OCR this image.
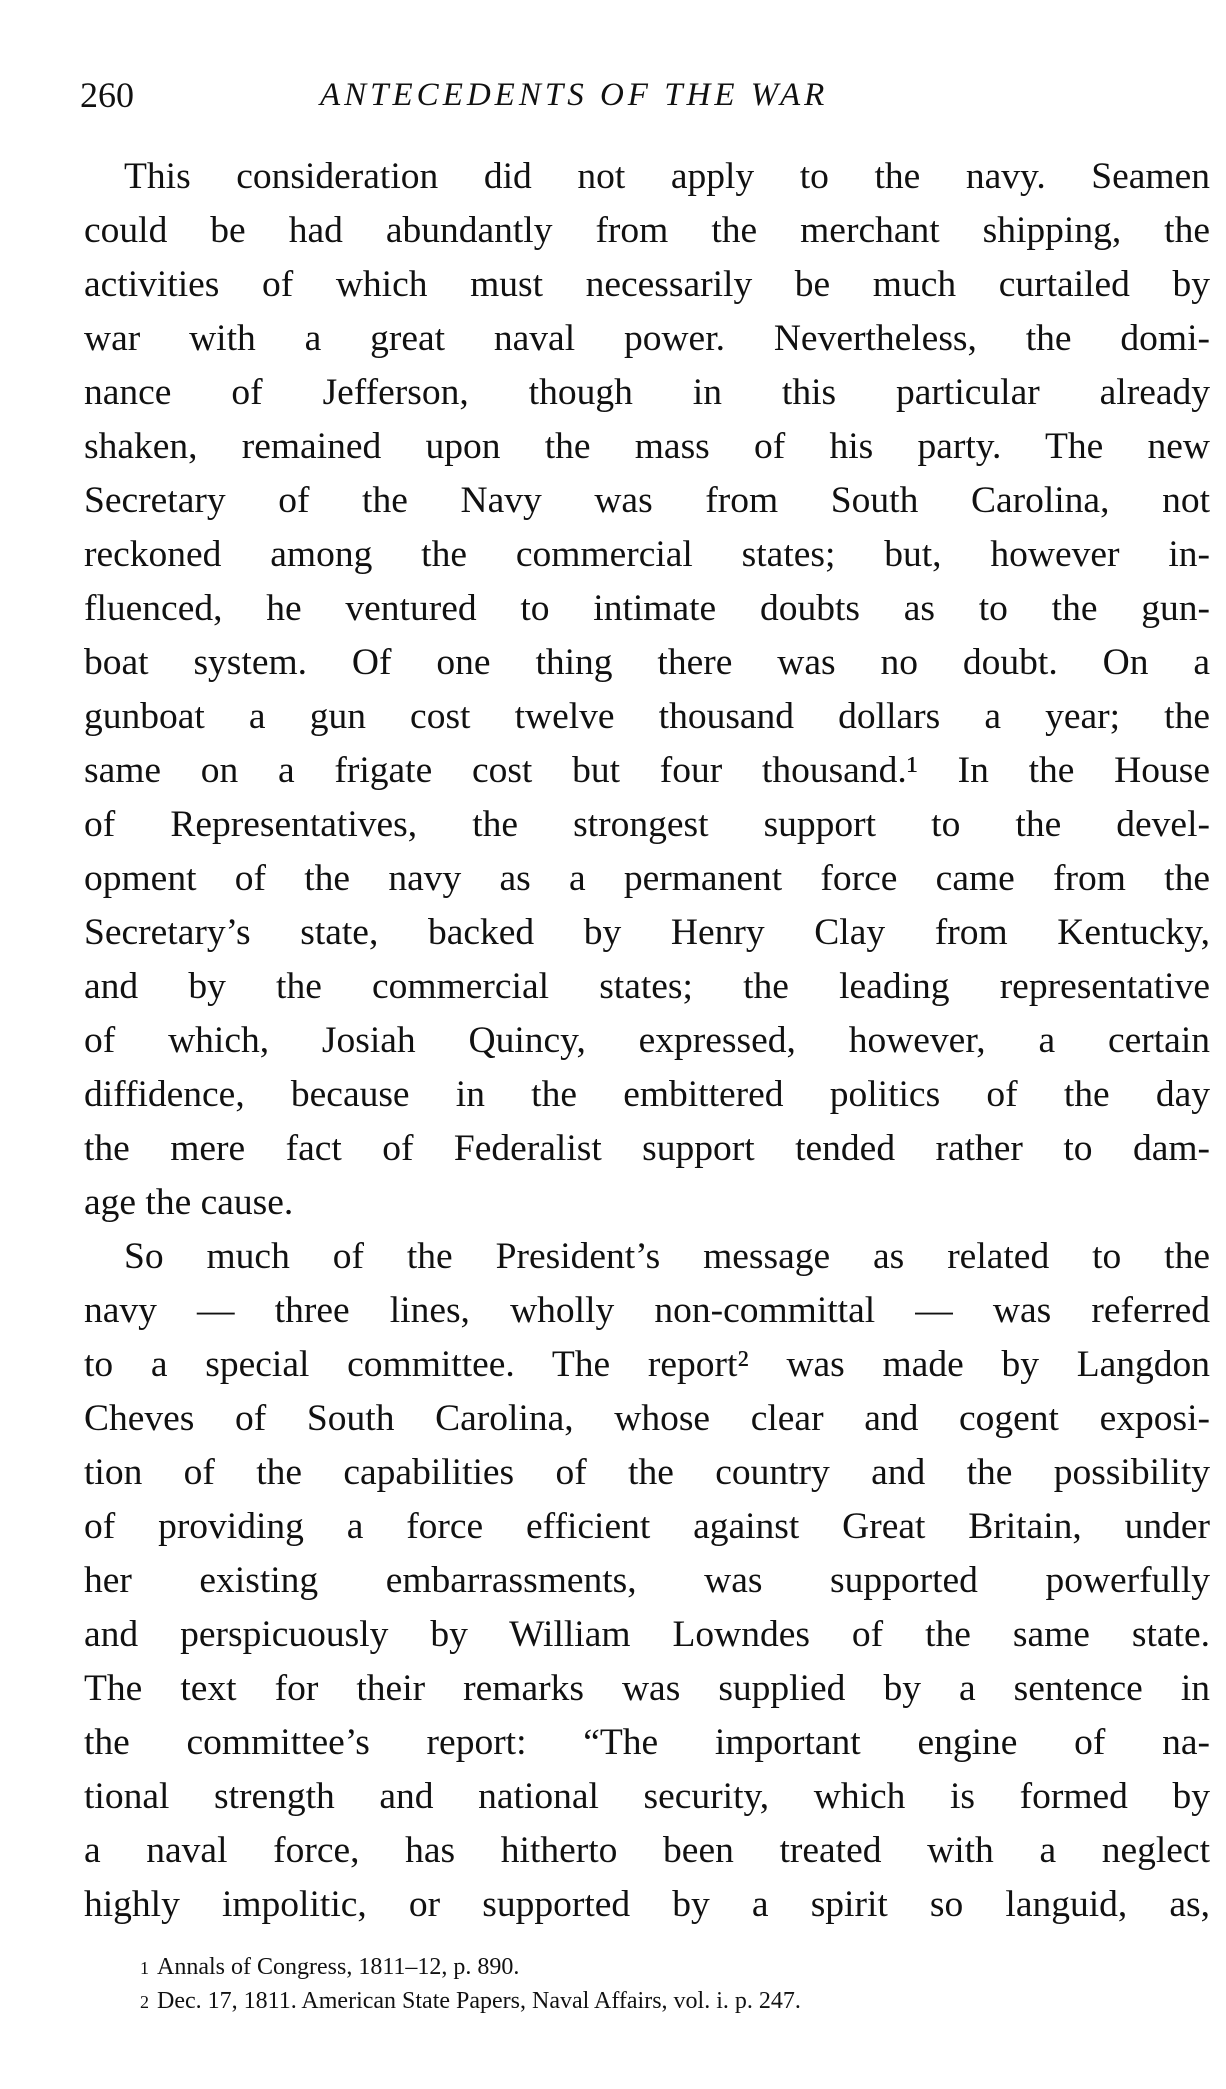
260	ANTECEDENTS OF THE WAR
This consideration did not apply to the navy. Seamen
could be had abundantly from the merchant shipping, the
activities of which must necessarily be much curtailed by
war with a great naval power. Nevertheless, the domi-
nance of Jefferson, though in this particular already
shaken, remained upon the mass of his party. The new
Secretary of the Navy was from South Carolina, not
reckoned among the commercial states; but, however in-
fluenced, he ventured to intimate doubts as to the gun-
boat system. Of one thing there was no doubt. On a
gunboat a gun cost twelve thousand dollars a year; the
same on a frigate cost but four thousand.¹ In the House
of Representatives, the strongest support to the devel-
opment of the navy as a permanent force came from the
Secretary’s state, backed by Henry Clay from Kentucky,
and by the commercial states; the leading representative
of which, Josiah Quincy, expressed, however, a certain
diffidence, because in the embittered politics of the day
the mere fact of Federalist support tended rather to dam-
age the cause.
So much of the President’s message as related to the
navy — three lines, wholly non-committal — was referred
to a special committee. The report² was made by Langdon
Cheves of South Carolina, whose clear and cogent exposi-
tion of the capabilities of the country and the possibility
of providing a force efficient against Great Britain, under
her existing embarrassments, was supported powerfully
and perspicuously by William Lowndes of the same state.
The text for their remarks was supplied by a sentence in
the committee’s report: “The important engine of na-
tional strength and national security, which is formed by
a naval force, has hitherto been treated with a neglect
highly impolitic, or supported by a spirit so languid, as,
1 Annals of Congress, 1811–12, p. 890.
2 Dec. 17, 1811. American State Papers, Naval Affairs, vol. i. p. 247.
